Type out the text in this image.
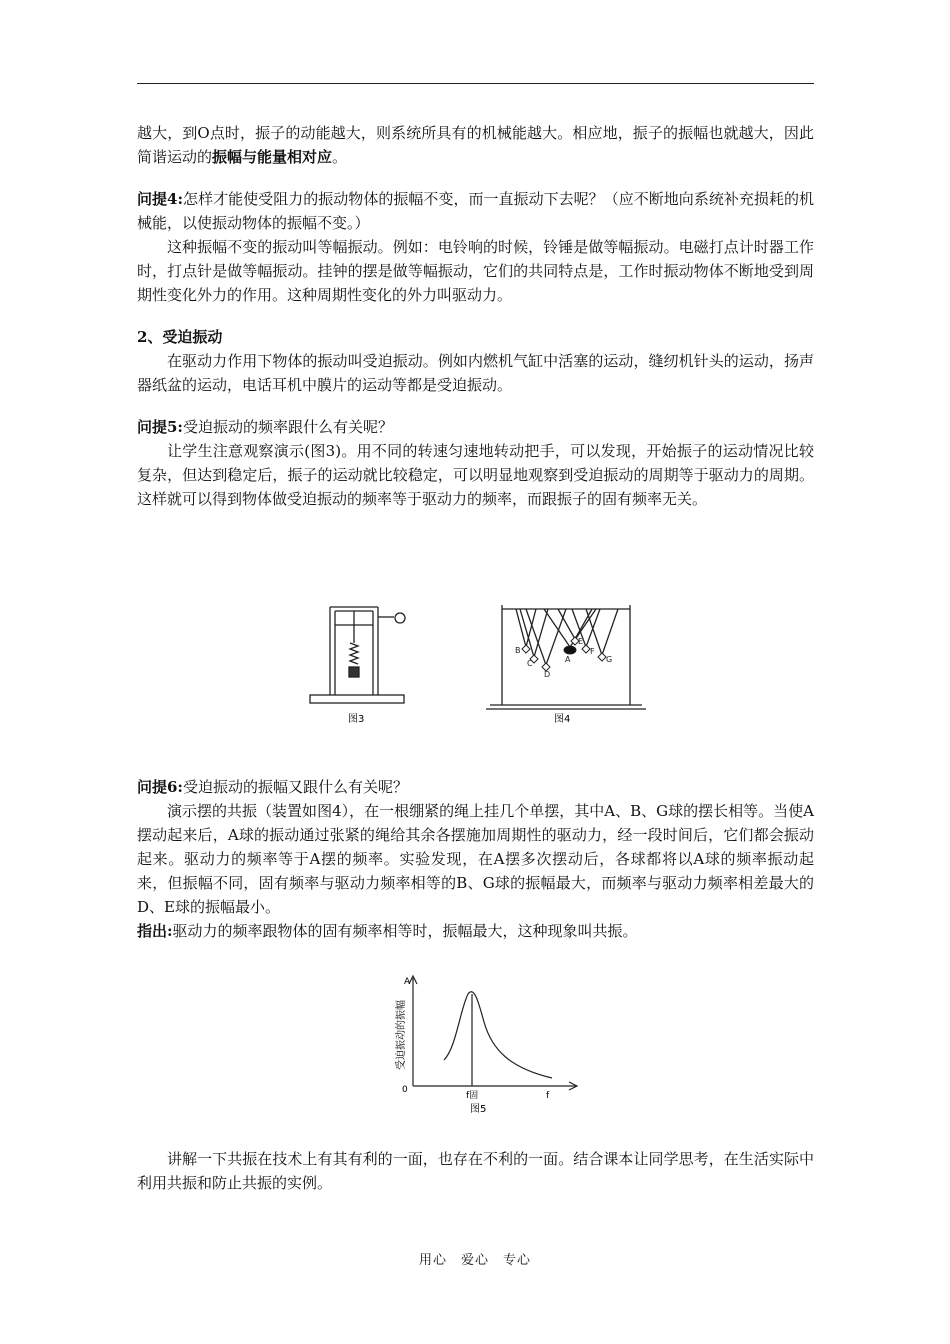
越大，到O点时，振子的动能越大，则系统所具有的机械能越大。相应地，振子的振幅也就越大，因此简谐运动的振幅与能量相对应。

问提4:怎样才能使受阻力的振动物体的振幅不变，而一直振动下去呢？（应不断地向系统补充损耗的机械能，以使振动物体的振幅不变。）

这种振幅不变的振动叫等幅振动。例如：电铃响的时候，铃锤是做等幅振动。电磁打点计时器工作时，打点针是做等幅振动。挂钟的摆是做等幅振动，它们的共同特点是，工作时振动物体不断地受到周期性变化外力的作用。这种周期性变化的外力叫驱动力。

2、受迫振动

在驱动力作用下物体的振动叫受迫振动。例如内燃机气缸中活塞的运动，缝纫机针头的运动，扬声器纸盆的运动，电话耳机中膜片的运动等都是受迫振动。

问提5:受迫振动的频率跟什么有关呢？

让学生注意观察演示(图3)。用不同的转速匀速地转动把手，可以发现，开始振子的运动情况比较复杂，但达到稳定后，振子的运动就比较稳定，可以明显地观察到受迫振动的周期等于驱动力的周期。这样就可以得到物体做受迫振动的频率等于驱动力的频率，而跟振子的固有频率无关。

图3
B
C
D
A
E
F
G
图4

问提6:受迫振动的振幅又跟什么有关呢？

演示摆的共振（装置如图4），在一根绷紧的绳上挂几个单摆，其中A、B、G球的摆长相等。当使A摆动起来后，A球的振动通过张紧的绳给其余各摆施加周期性的驱动力，经一段时间后，它们都会振动起来。驱动力的频率等于A摆的频率。实验发现，在A摆多次摆动后，各球都将以A球的频率振动起来，但振幅不同，固有频率与驱动力频率相等的B、G球的振幅最大，而频率与驱动力频率相差最大的D、E球的振幅最小。

指出:驱动力的频率跟物体的固有频率相等时，振幅最大，这种现象叫共振。

A
0
f固	f
图5
受迫振动的振幅

讲解一下共振在技术上有其有利的一面，也存在不利的一面。结合课本让同学思考，在生活实际中利用共振和防止共振的实例。

用心　爱心　专心
